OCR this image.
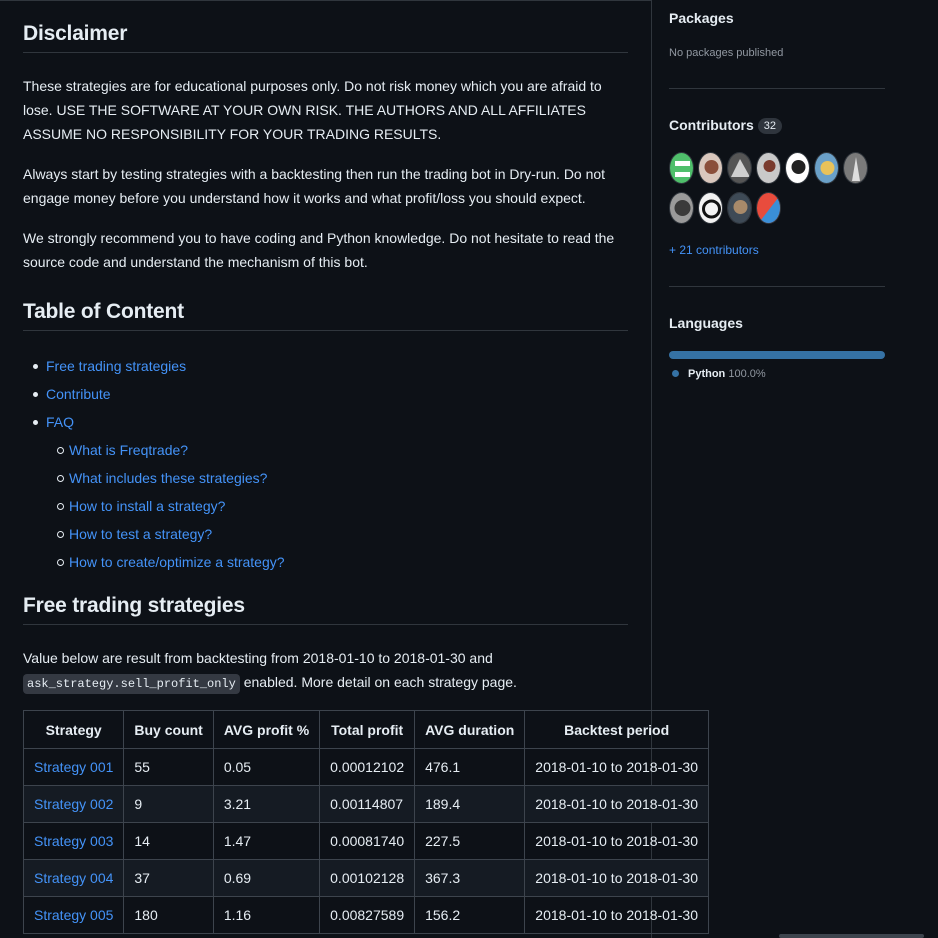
Disclaimer

These strategies are for educational purposes only. Do not risk money which you are afraid to lose. USE THE SOFTWARE AT YOUR OWN RISK. THE AUTHORS AND ALL AFFILIATES ASSUME NO RESPONSIBILITY FOR YOUR TRADING RESULTS.

Always start by testing strategies with a backtesting then run the trading bot in Dry-run. Do not engage money before you understand how it works and what profit/loss you should expect.

We strongly recommend you to have coding and Python knowledge. Do not hesitate to read the source code and understand the mechanism of this bot.

Table of Content
Free trading strategies
Contribute
FAQ
What is Freqtrade?
What includes these strategies?
How to install a strategy?
How to test a strategy?
How to create/optimize a strategy?
Free trading strategies

Value below are result from backtesting from 2018-01-10 to 2018-01-30 and
ask_strategy.sell_profit_only enabled. More detail on each strategy page.

Strategy	Buy count	AVG profit %	Total profit	AVG duration	Backtest period
Strategy 001	55	0.05	0.00012102	476.1	2018-01-10 to 2018-01-30
Strategy 002	9	3.21	0.00114807	189.4	2018-01-10 to 2018-01-30
Strategy 003	14	1.47	0.00081740	227.5	2018-01-10 to 2018-01-30
Strategy 004	37	0.69	0.00102128	367.3	2018-01-10 to 2018-01-30
Strategy 005	180	1.16	0.00827589	156.2	2018-01-10 to 2018-01-30
Packages
No packages published
Contributors 32
+ 21 contributors
Languages
Python 100.0%
